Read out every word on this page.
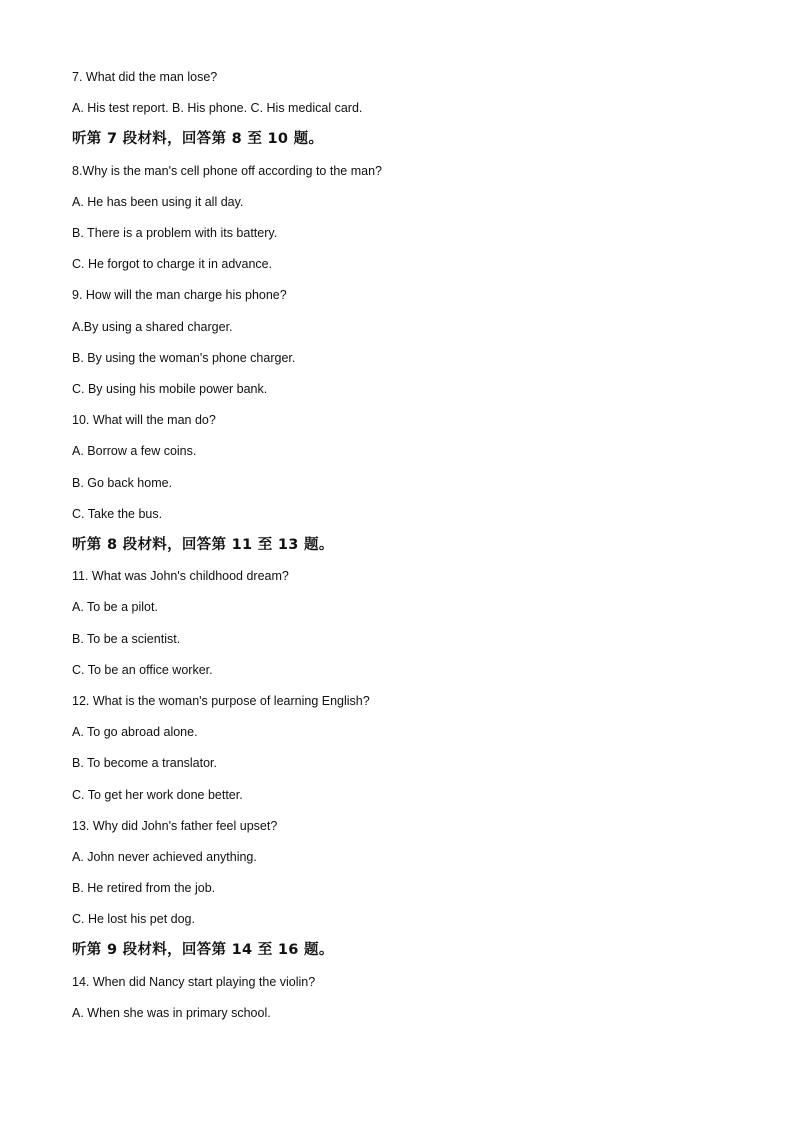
7. What did the man lose?
A. His test report. B. His phone. C. His medical card.
听第 7 段材料，回答第 8 至 10 题。
8.Why is the man's cell phone off according to the man?
A. He has been using it all day.
B. There is a problem with its battery.
C. He forgot to charge it in advance.
9. How will the man charge his phone?
A.By using a shared charger.
B. By using the woman's phone charger.
C. By using his mobile power bank.
10. What will the man do?
A. Borrow a few coins.
B. Go back home.
C. Take the bus.
听第 8 段材料，回答第 11 至 13 题。
11. What was John's childhood dream?
A. To be a pilot.
B. To be a scientist.
C. To be an office worker.
12. What is the woman's purpose of learning English?
A. To go abroad alone.
B. To become a translator.
C. To get her work done better.
13. Why did John's father feel upset?
A. John never achieved anything.
B. He retired from the job.
C. He lost his pet dog.
听第 9 段材料，回答第 14 至 16 题。
14. When did Nancy start playing the violin?
A. When she was in primary school.
